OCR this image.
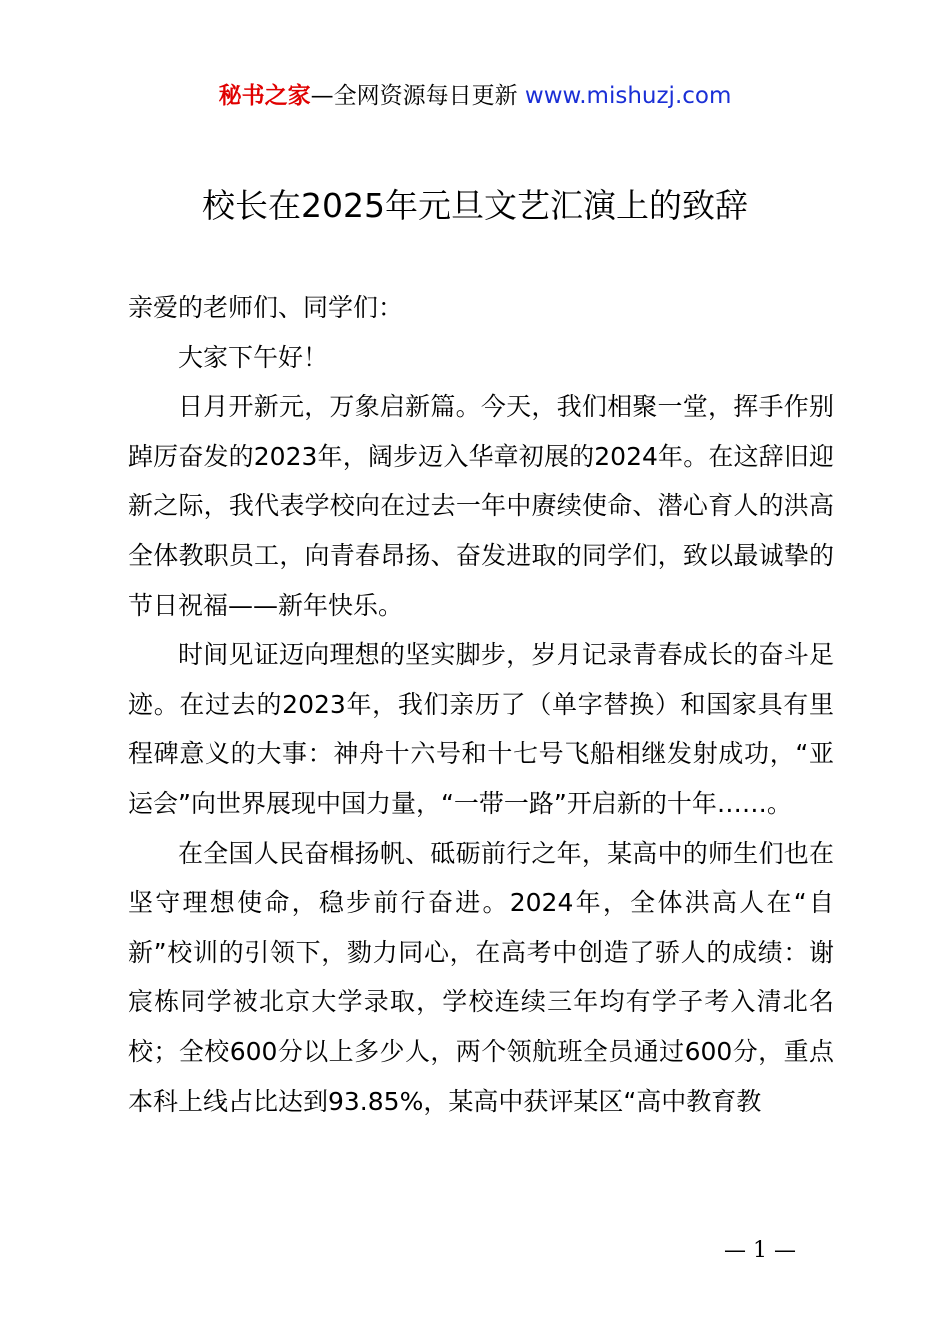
秘书之家—全网资源每日更新 www.mishuzj.com
校长在2025年元旦文艺汇演上的致辞

亲爱的老师们、同学们：

大家下午好！

日月开新元，万象启新篇。今天，我们相聚一堂，挥手作别踔厉奋发的2023年，阔步迈入华章初展的2024年。在这辞旧迎新之际，我代表学校向在过去一年中赓续使命、潜心育人的洪高全体教职员工，向青春昂扬、奋发进取的同学们，致以最诚挚的节日祝福——新年快乐。

时间见证迈向理想的坚实脚步，岁月记录青春成长的奋斗足迹。在过去的2023年，我们亲历了（单字替换）和国家具有里程碑意义的大事：神舟十六号和十七号飞船相继发射成功，“亚运会”向世界展现中国力量，“一带一路”开启新的十年……。

在全国人民奋楫扬帆、砥砺前行之年，某高中的师生们也在坚守理想使命，稳步前行奋进。2024年，全体洪高人在“自新”校训的引领下，勠力同心，在高考中创造了骄人的成绩：谢宸栋同学被北京大学录取，学校连续三年均有学子考入清北名校；全校600分以上多少人，两个领航班全员通过600分，重点本科上线占比达到93.85%，某高中获评某区“高中教育教

— 1 —
